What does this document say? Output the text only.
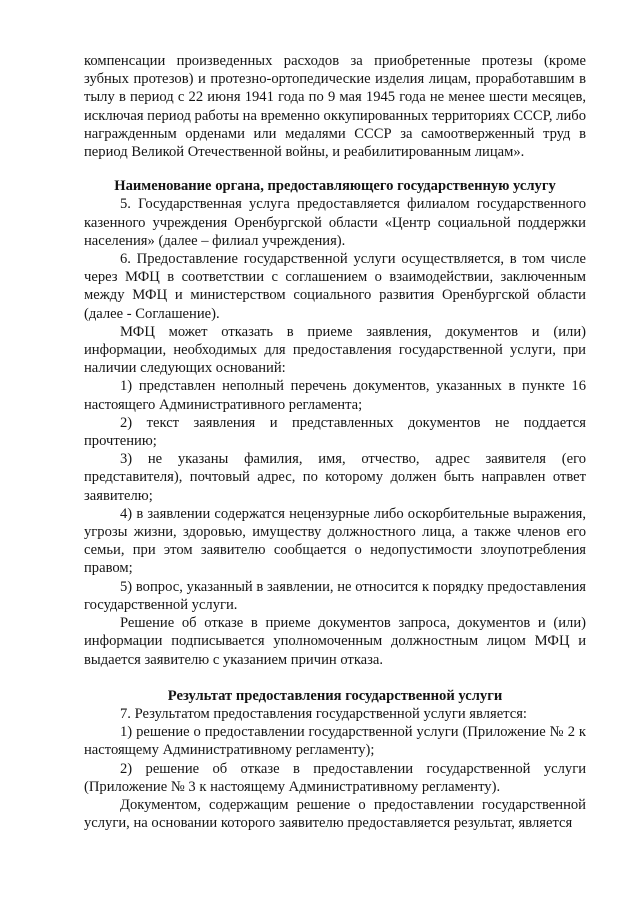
компенсации произведенных расходов за приобретенные протезы (кроме зубных протезов) и протезно-ортопедические изделия лицам, проработавшим в тылу в период с 22 июня 1941 года по 9 мая 1945 года не менее шести месяцев, исключая период работы на временно оккупированных территориях СССР, либо награжденным орденами или медалями СССР за самоотверженный труд в период Великой Отечественной войны, и реабилитированным лицам».

Наименование органа, предоставляющего государственную услугу

5. Государственная услуга предоставляется филиалом государственного казенного учреждения Оренбургской области «Центр социальной поддержки населения» (далее – филиал учреждения).

6. Предоставление государственной услуги осуществляется, в том числе через МФЦ в соответствии с соглашением о взаимодействии, заключенным между МФЦ и министерством социального развития Оренбургской области (далее - Соглашение).

МФЦ может отказать в приеме заявления, документов и (или) информации, необходимых для предоставления государственной услуги, при наличии следующих оснований:

1) представлен неполный перечень документов, указанных в пункте 16 настоящего Административного регламента;

2) текст заявления и представленных документов не поддается прочтению;

3) не указаны фамилия, имя, отчество, адрес заявителя (его представителя), почтовый адрес, по которому должен быть направлен ответ заявителю;

4) в заявлении содержатся нецензурные либо оскорбительные выражения, угрозы жизни, здоровью, имуществу должностного лица, а также членов его семьи, при этом заявителю сообщается о недопустимости злоупотребления правом;

5) вопрос, указанный в заявлении, не относится к порядку предоставления государственной услуги.

Решение об отказе в приеме документов запроса, документов и (или) информации подписывается уполномоченным должностным лицом МФЦ и выдается заявителю с указанием причин отказа.

Результат предоставления государственной услуги

7. Результатом предоставления государственной услуги является:

1) решение о предоставлении государственной услуги (Приложение № 2 к настоящему Административному регламенту);

2) решение об отказе в предоставлении государственной услуги (Приложение № 3 к настоящему Административному регламенту).

Документом, содержащим решение о предоставлении государственной услуги, на основании которого заявителю предоставляется результат, является
